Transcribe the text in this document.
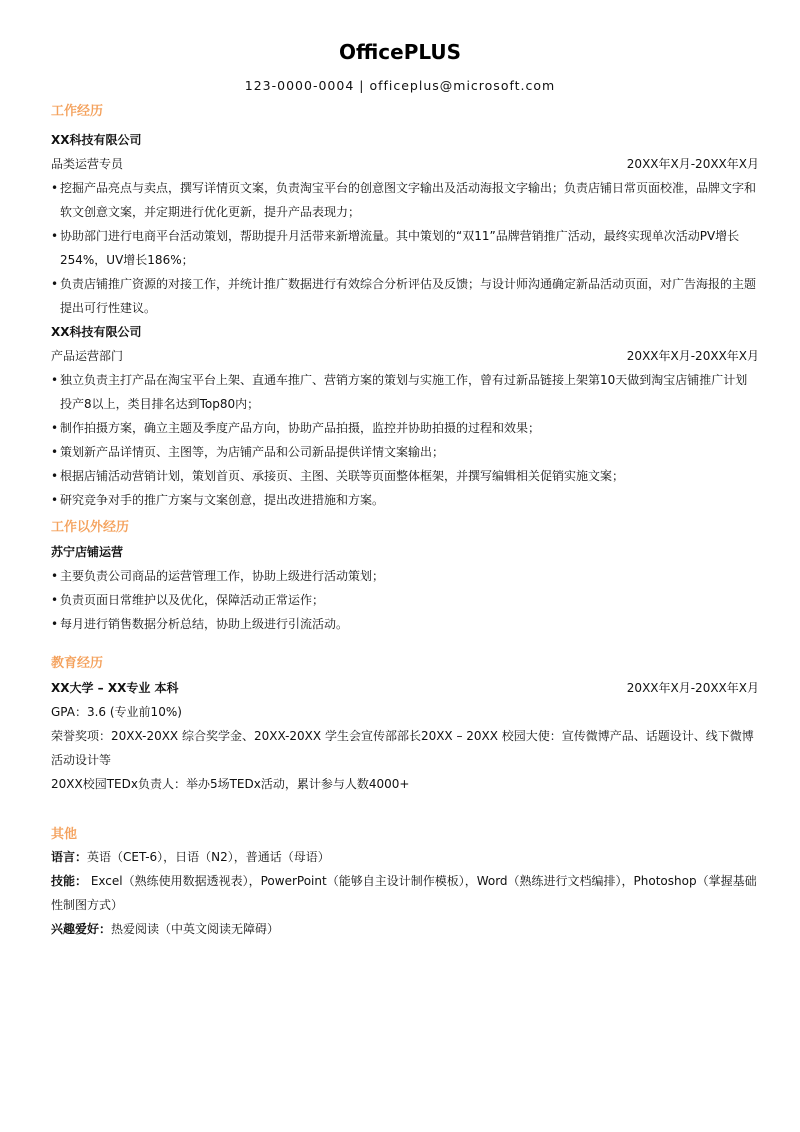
OfficePLUS
123-0000-0004 | officeplus@microsoft.com
工作经历
XX科技有限公司
品类运营专员	20XX年X月-20XX年X月
• 挖掘产品亮点与卖点，撰写详情页文案，负责淘宝平台的创意图文字输出及活动海报文字输出；负责店铺日常页面校准，品牌文字和软文创意文案，并定期进行优化更新，提升产品表现力；
• 协助部门进行电商平台活动策划，帮助提升月活带来新增流量。其中策划的“双11”品牌营销推广活动，最终实现单次活动PV增长254%，UV增长186%；
• 负责店铺推广资源的对接工作，并统计推广数据进行有效综合分析评估及反馈；与设计师沟通确定新品活动页面，对广告海报的主题提出可行性建议。
XX科技有限公司
产品运营部门	20XX年X月-20XX年X月
• 独立负责主打产品在淘宝平台上架、直通车推广、营销方案的策划与实施工作，曾有过新品链接上架第10天做到淘宝店铺推广计划投产8以上，类目排名达到Top80内；
• 制作拍摄方案，确立主题及季度产品方向，协助产品拍摄，监控并协助拍摄的过程和效果；
• 策划新产品详情页、主图等，为店铺产品和公司新品提供详情文案输出；
• 根据店铺活动营销计划，策划首页、承接页、主图、关联等页面整体框架，并撰写编辑相关促销实施文案；
• 研究竞争对手的推广方案与文案创意，提出改进措施和方案。
工作以外经历
苏宁店铺运营
• 主要负责公司商品的运营管理工作，协助上级进行活动策划；
• 负责页面日常维护以及优化，保障活动正常运作；
• 每月进行销售数据分析总结，协助上级进行引流活动。
教育经历
XX大学 – XX专业 本科	20XX年X月-20XX年X月
GPA：3.6 (专业前10%)
荣誉奖项：20XX-20XX 综合奖学金、20XX-20XX 学生会宣传部部长20XX – 20XX 校园大使：宣传微博产品、话题设计、线下微博活动设计等
20XX校园TEDx负责人：举办5场TEDx活动，累计参与人数4000+
其他
语言：英语（CET-6），日语（N2），普通话（母语）
技能： Excel（熟练使用数据透视表），PowerPoint（能够自主设计制作模板），Word（熟练进行文档编排），Photoshop（掌握基础性制图方式）
兴趣爱好：热爱阅读（中英文阅读无障碍）
